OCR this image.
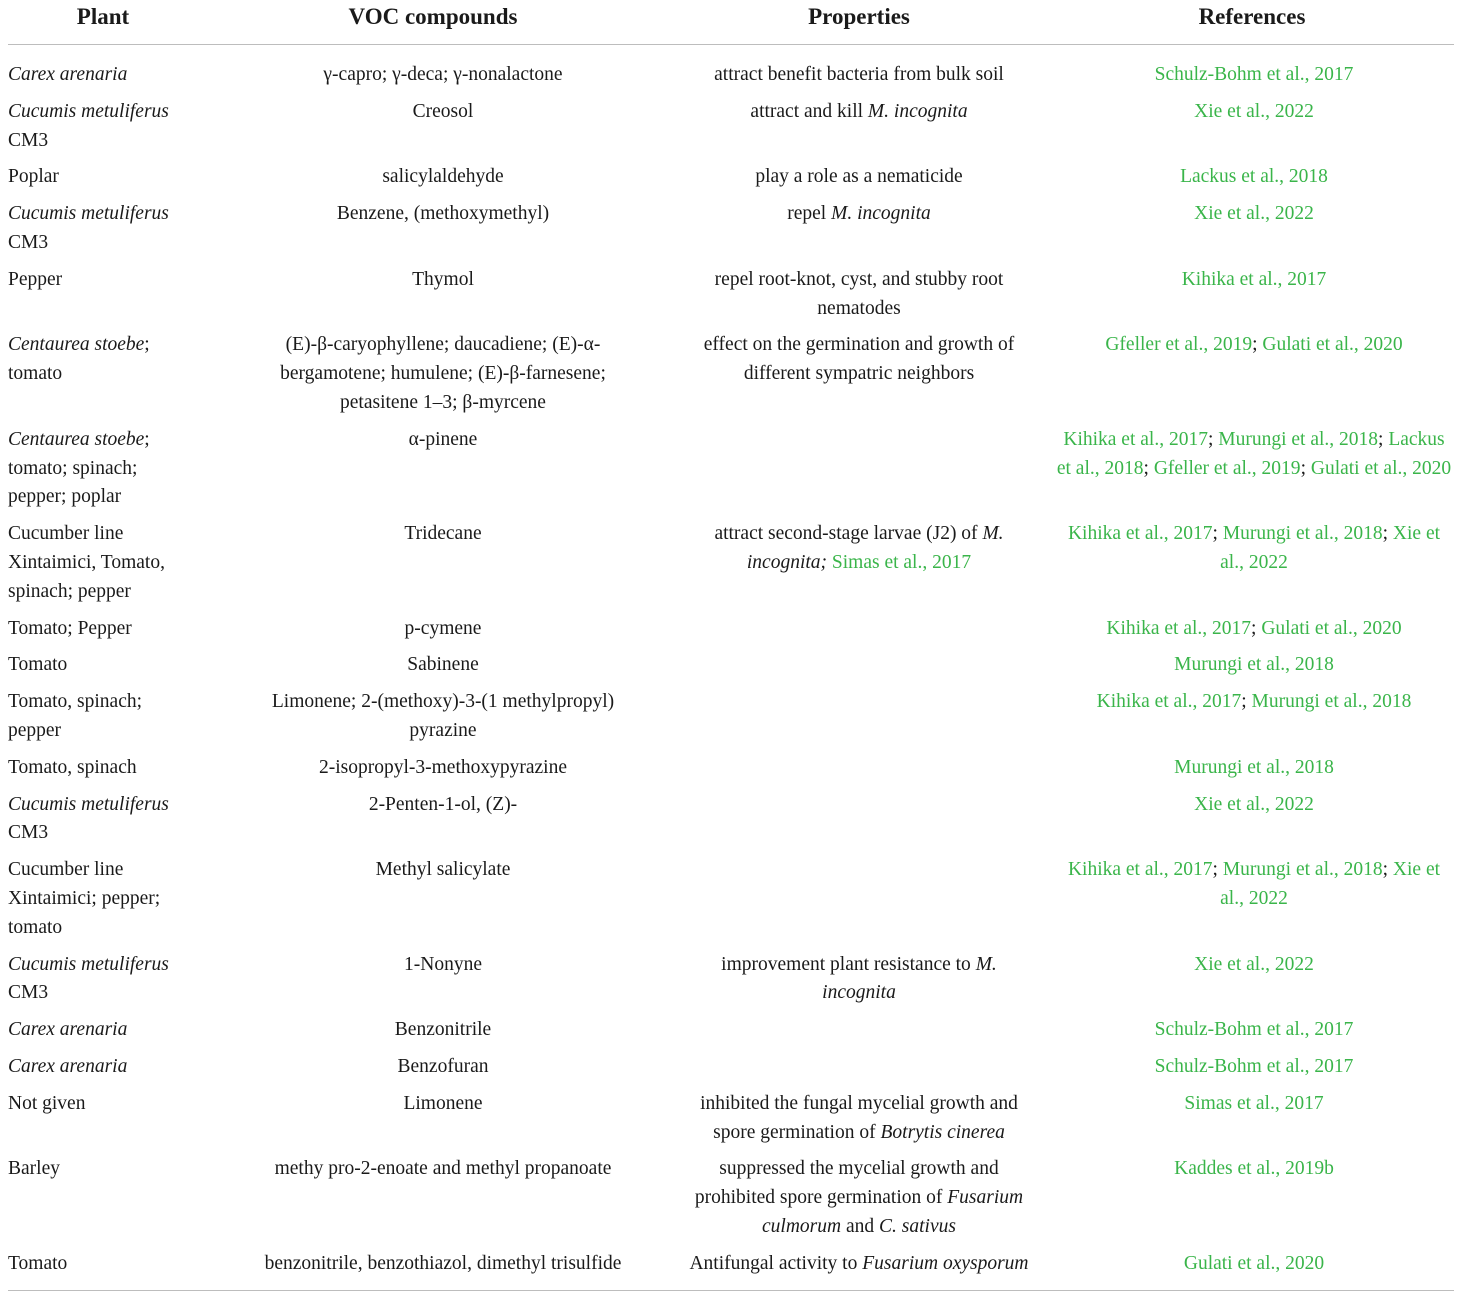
Plant	VOC compounds	Properties	References
Carex arenaria	γ-capro; γ-deca; γ-nonalactone	attract benefit bacteria from bulk soil	Schulz-Bohm et al., 2017
Cucumis metuliferus CM3	Creosol	attract and kill M. incognita	Xie et al., 2022
Poplar	salicylaldehyde	play a role as a nematicide	Lackus et al., 2018
Cucumis metuliferus CM3	Benzene, (methoxymethyl)	repel M. incognita	Xie et al., 2022
Pepper	Thymol	repel root-knot, cyst, and stubby root nematodes	Kihika et al., 2017
Centaurea stoebe; tomato	(E)-β-caryophyllene; daucadiene; (E)-α-bergamotene; humulene; (E)-β-farnesene; petasitene 1–3; β-myrcene	effect on the germination and growth of different sympatric neighbors	Gfeller et al., 2019; Gulati et al., 2020
Centaurea stoebe; tomato; spinach; pepper; poplar	α-pinene		Kihika et al., 2017; Murungi et al., 2018; Lackus et al., 2018; Gfeller et al., 2019; Gulati et al., 2020
Cucumber line Xintaimici, Tomato, spinach; pepper	Tridecane	attract second-stage larvae (J2) of M. incognita; Simas et al., 2017	Kihika et al., 2017; Murungi et al., 2018; Xie et al., 2022
Tomato; Pepper	p-cymene		Kihika et al., 2017; Gulati et al., 2020
Tomato	Sabinene		Murungi et al., 2018
Tomato, spinach; pepper	Limonene; 2-(methoxy)-3-(1 methylpropyl) pyrazine		Kihika et al., 2017; Murungi et al., 2018
Tomato, spinach	2-isopropyl-3-methoxypyrazine		Murungi et al., 2018
Cucumis metuliferus CM3	2-Penten-1-ol, (Z)-		Xie et al., 2022
Cucumber line Xintaimici; pepper; tomato	Methyl salicylate		Kihika et al., 2017; Murungi et al., 2018; Xie et al., 2022
Cucumis metuliferus CM3	1-Nonyne	improvement plant resistance to M. incognita	Xie et al., 2022
Carex arenaria	Benzonitrile		Schulz-Bohm et al., 2017
Carex arenaria	Benzofuran		Schulz-Bohm et al., 2017
Not given	Limonene	inhibited the fungal mycelial growth and spore germination of Botrytis cinerea	Simas et al., 2017
Barley	methy pro-2-enoate and methyl propanoate	suppressed the mycelial growth and prohibited spore germination of Fusarium culmorum and C. sativus	Kaddes et al., 2019b
Tomato	benzonitrile, benzothiazol, dimethyl trisulfide	Antifungal activity to Fusarium oxysporum	Gulati et al., 2020
